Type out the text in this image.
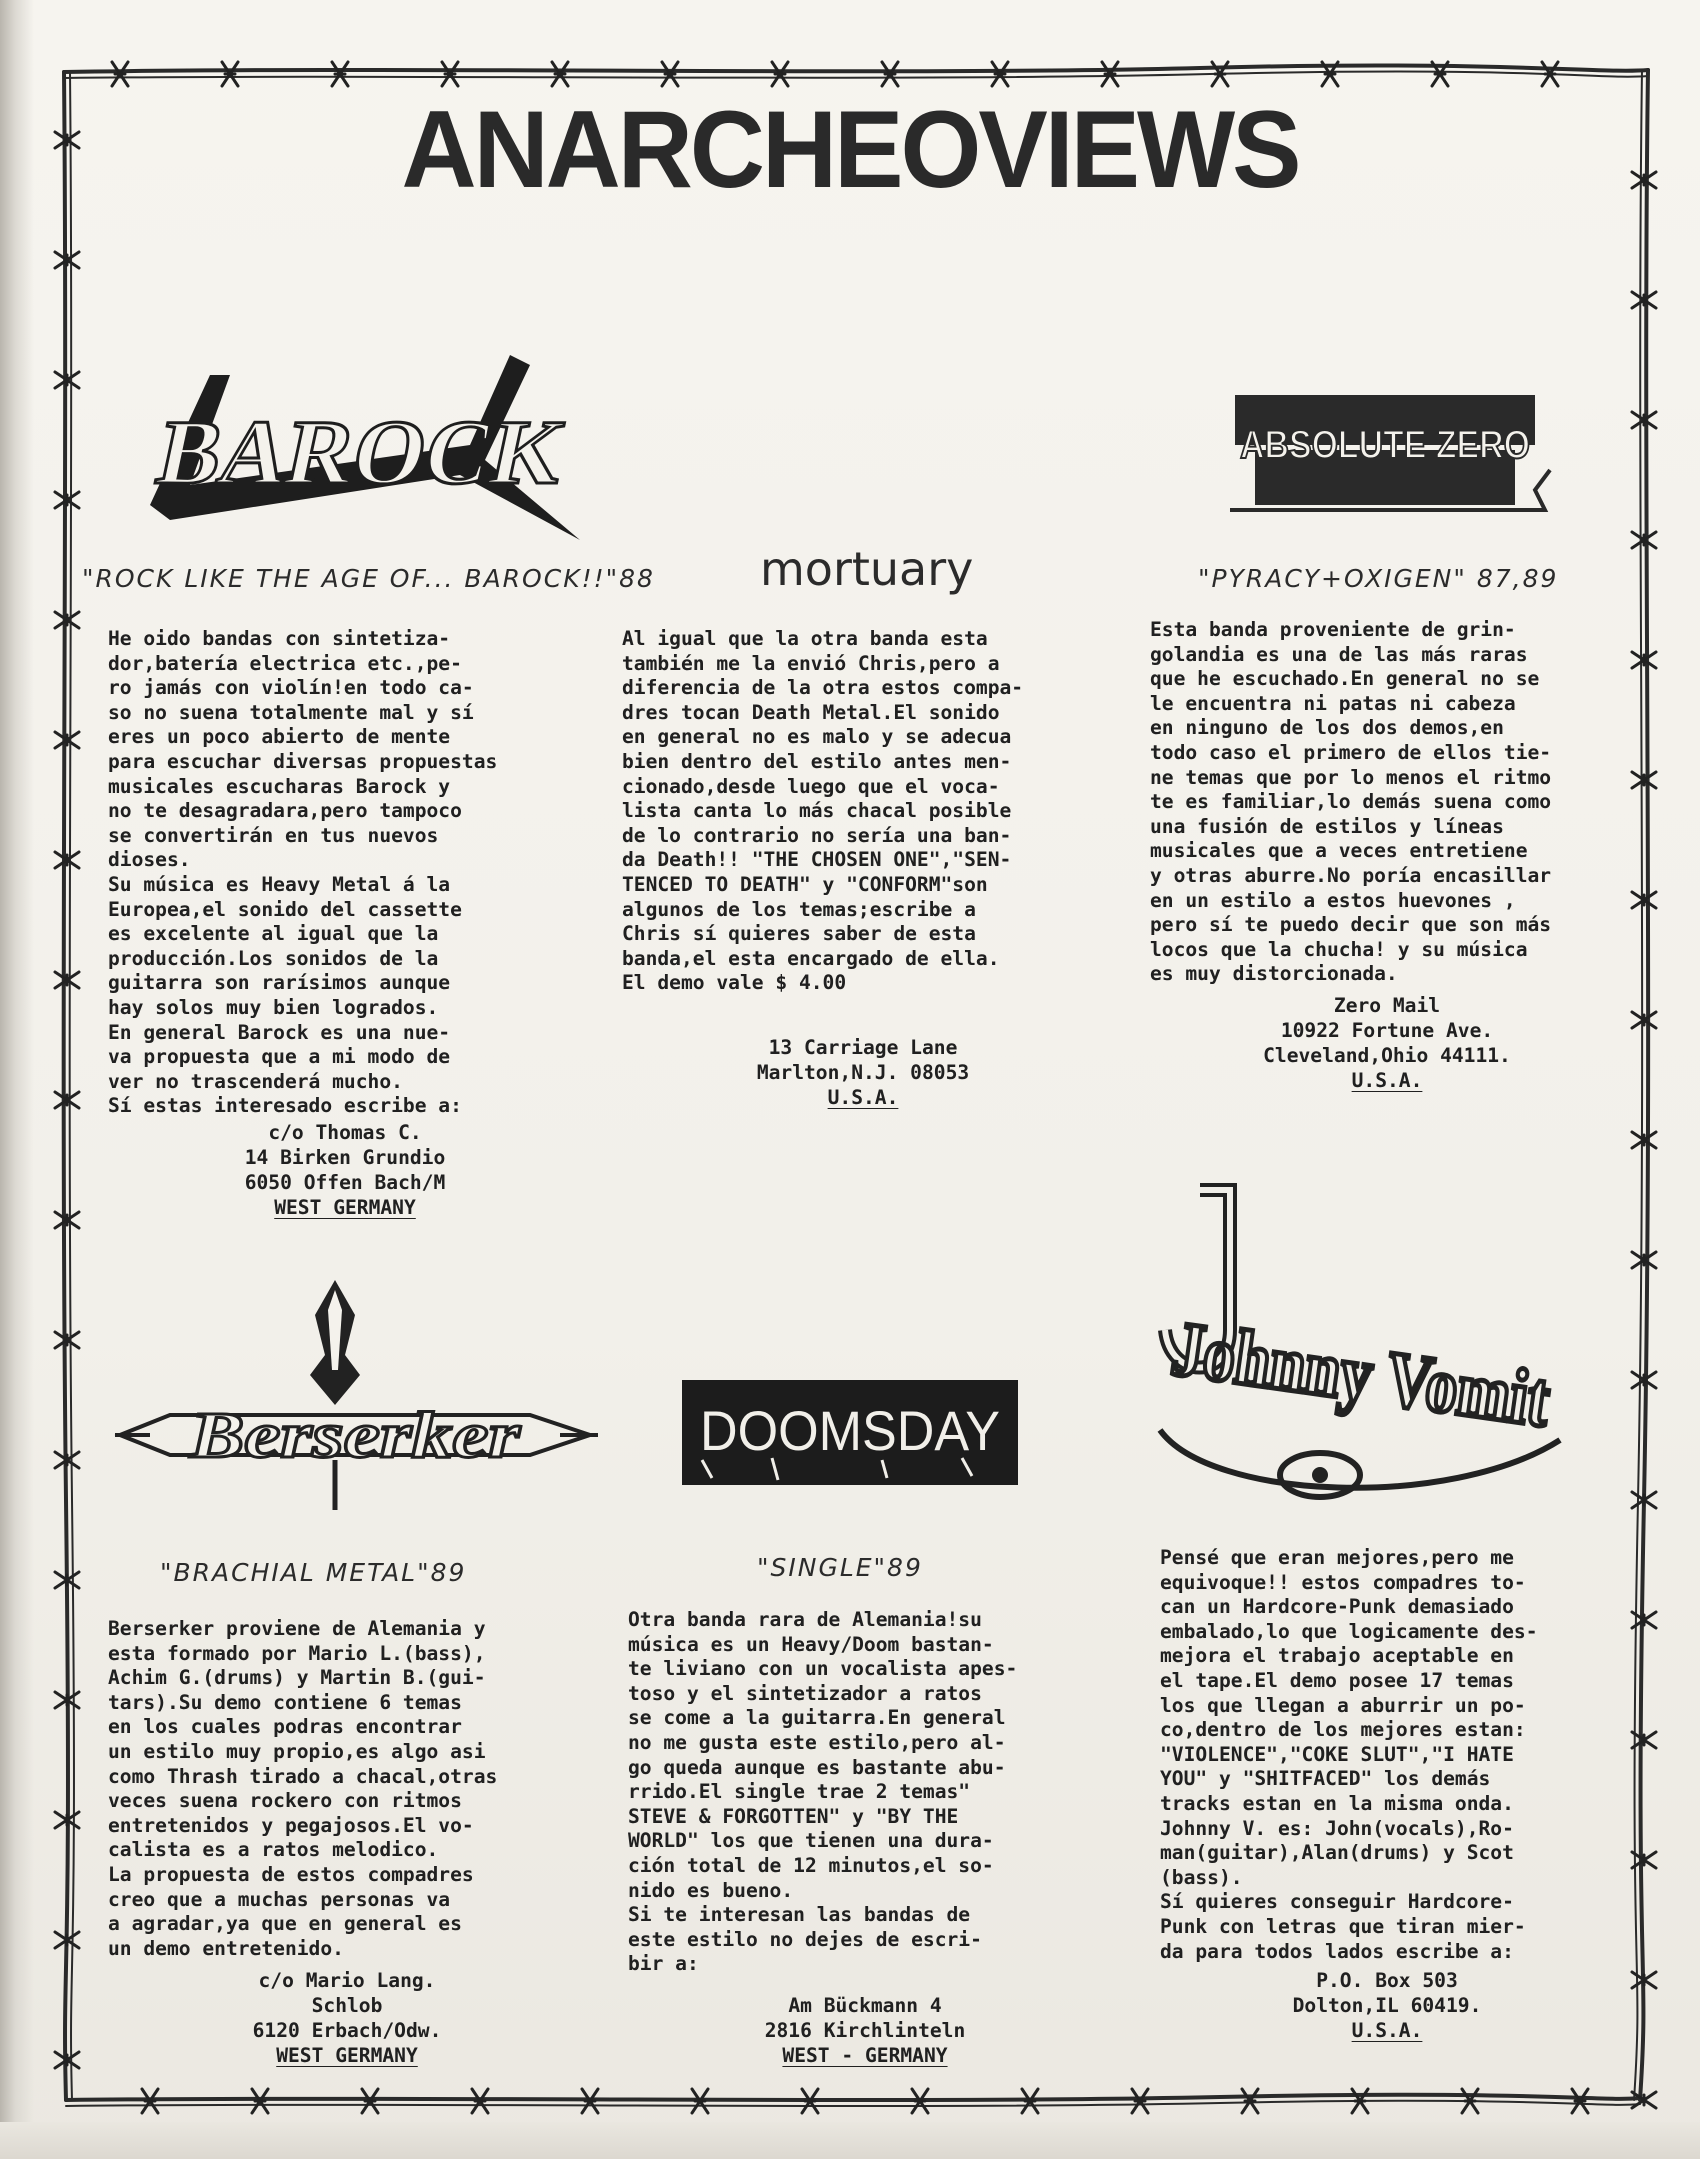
ANARCHEOVIEWS
BAROCK	ABSOLUTE ZERO
Berserker	DOOMSDAY Johnny Vomit
"ROCK LIKE THE AGE OF... BAROCK!!"88 mortuary	"PYRACY+OXIGEN" 87,89
"BRACHIAL METAL"89	"SINGLE"89

He oido bandas con sintetiza-

dor,batería electrica etc.,pe-

ro jamás con violín!en todo ca-

so no suena totalmente mal y sí

eres un poco abierto de mente

para escuchar diversas propuestas

musicales escucharas Barock y

no te desagradara,pero tampoco

se convertirán en tus nuevos

dioses.

Su música es Heavy Metal á la

Europea,el sonido del cassette

es excelente al igual que la

producción.Los sonidos de la

guitarra son rarísimos aunque

hay solos muy bien logrados.

En general Barock es una nue-

va propuesta que a mi modo de

ver no trascenderá mucho.

Sí estas interesado escribe a:

c/o Thomas C.
14 Birken Grundio
6050 Offen Bach/M
WEST GERMANY

Al igual que la otra banda esta

también me la envió Chris,pero a

diferencia de la otra estos compa-

dres tocan Death Metal.El sonido

en general no es malo y se adecua

bien dentro del estilo antes men-

cionado,desde luego que el voca-

lista canta lo más chacal posible

de lo contrario no sería una ban-

da Death!! "THE CHOSEN ONE","SEN-

TENCED TO DEATH" y "CONFORM"son

algunos de los temas;escribe a

Chris sí quieres saber de esta

banda,el esta encargado de ella.

El demo vale $ 4.00

13 Carriage Lane
Marlton,N.J. 08053
U.S.A.

Esta banda proveniente de grin-

golandia es una de las más raras

que he escuchado.En general no se

le encuentra ni patas ni cabeza

en ninguno de los dos demos,en

todo caso el primero de ellos tie-

ne temas que por lo menos el ritmo

te es familiar,lo demás suena como

una fusión de estilos y líneas

musicales que a veces entretiene

y otras aburre.No poría encasillar

en un estilo a estos huevones ,

pero sí te puedo decir que son más

locos que la chucha! y su música

es muy distorcionada.

Zero Mail
10922 Fortune Ave.
Cleveland,Ohio 44111.
U.S.A.

Berserker proviene de Alemania y

esta formado por Mario L.(bass),

Achim G.(drums) y Martin B.(gui-

tars).Su demo contiene 6 temas

en los cuales podras encontrar

un estilo muy propio,es algo asi

como Thrash tirado a chacal,otras

veces suena rockero con ritmos

entretenidos y pegajosos.El vo-

calista es a ratos melodico.

La propuesta de estos compadres

creo que a muchas personas va

a agradar,ya que en general es

un demo entretenido.

c/o Mario Lang.
Schlob
6120 Erbach/Odw.
WEST GERMANY

Otra banda rara de Alemania!su

música es un Heavy/Doom bastan-

te liviano con un vocalista apes-

toso y el sintetizador a ratos

se come a la guitarra.En general

no me gusta este estilo,pero al-

go queda aunque es bastante abu-

rrido.El single trae 2 temas"

STEVE & FORGOTTEN" y "BY THE

WORLD" los que tienen una dura-

ción total de 12 minutos,el so-

nido es bueno.

Si te interesan las bandas de

este estilo no dejes de escri-

bir a:

Am Bückmann 4
2816 Kirchlinteln
WEST - GERMANY

Pensé que eran mejores,pero me

equivoque!! estos compadres to-

can un Hardcore-Punk demasiado

embalado,lo que logicamente des-

mejora el trabajo aceptable en

el tape.El demo posee 17 temas

los que llegan a aburrir un po-

co,dentro de los mejores estan:

"VIOLENCE","COKE SLUT","I HATE

YOU" y "SHITFACED" los demás

tracks estan en la misma onda.

Johnny V. es: John(vocals),Ro-

man(guitar),Alan(drums) y Scot

(bass).

Sí quieres conseguir Hardcore-

Punk con letras que tiran mier-

da para todos lados escribe a:

P.O. Box 503
Dolton,IL 60419.
U.S.A.
